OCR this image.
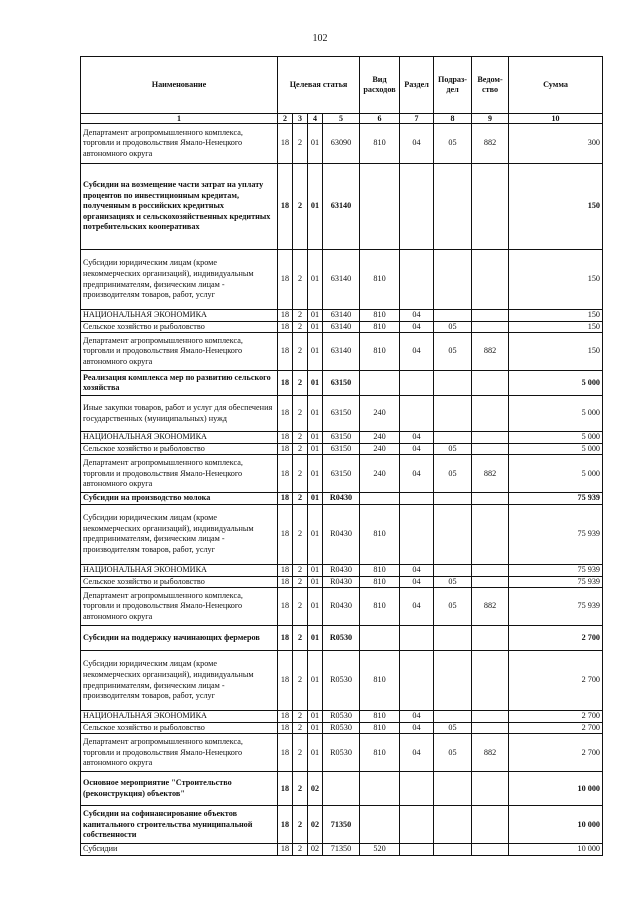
102
Наименование	Целевая статья				Вид расходов	Раздел	Подраз-дел	Ведом-ство	Сумма
1	2	3	4	5	6	7	8	9	10
Департамент агропромышленного комплекса, торговли и продовольствия Ямало-Ненецкого автономного округа	18	2	01	63090	810	04	05	882	300
Субсидии на возмещение части затрат на уплату процентов по инвестиционным кредитам, полученным в российских кредитных организациях и сельскохозяйственных кредитных потребительских кооперативах	18	2	01	63140					150
Субсидии юридическим лицам (кроме некоммерческих организаций), индивидуальным предпринимателям, физическим лицам - производителям товаров, работ, услуг	18	2	01	63140	810				150
НАЦИОНАЛЬНАЯ ЭКОНОМИКА	18	2	01	63140	810	04			150
Сельское хозяйство и рыболовство	18	2	01	63140	810	04	05		150
Департамент агропромышленного комплекса, торговли и продовольствия Ямало-Ненецкого автономного округа	18	2	01	63140	810	04	05	882	150
Реализация комплекса мер по развитию сельского хозяйства	18	2	01	63150					5 000
Иные закупки товаров, работ и услуг для обеспечения государственных (муниципальных) нужд	18	2	01	63150	240				5 000
НАЦИОНАЛЬНАЯ ЭКОНОМИКА	18	2	01	63150	240	04			5 000
Сельское хозяйство и рыболовство	18	2	01	63150	240	04	05		5 000
Департамент агропромышленного комплекса, торговли и продовольствия Ямало-Ненецкого автономного округа	18	2	01	63150	240	04	05	882	5 000
Субсидии на производство молока	18	2	01	R0430					75 939
Субсидии юридическим лицам (кроме некоммерческих организаций), индивидуальным предпринимателям, физическим лицам - производителям товаров, работ, услуг	18	2	01	R0430	810				75 939
НАЦИОНАЛЬНАЯ ЭКОНОМИКА	18	2	01	R0430	810	04			75 939
Сельское хозяйство и рыболовство	18	2	01	R0430	810	04	05		75 939
Департамент агропромышленного комплекса, торговли и продовольствия Ямало-Ненецкого автономного округа	18	2	01	R0430	810	04	05	882	75 939
Субсидии на поддержку начинающих фермеров	18	2	01	R0530					2 700
Субсидии юридическим лицам (кроме некоммерческих организаций), индивидуальным предпринимателям, физическим лицам - производителям товаров, работ, услуг	18	2	01	R0530	810				2 700
НАЦИОНАЛЬНАЯ ЭКОНОМИКА	18	2	01	R0530	810	04			2 700
Сельское хозяйство и рыболовство	18	2	01	R0530	810	04	05		2 700
Департамент агропромышленного комплекса, торговли и продовольствия Ямало-Ненецкого автономного округа	18	2	01	R0530	810	04	05	882	2 700
Основное мероприятие "Строительство (реконструкция) объектов"	18	2	02						10 000
Субсидии на софинансирование объектов капитального строительства муниципальной собственности	18	2	02	71350					10 000
Субсидии	18	2	02	71350	520				10 000
